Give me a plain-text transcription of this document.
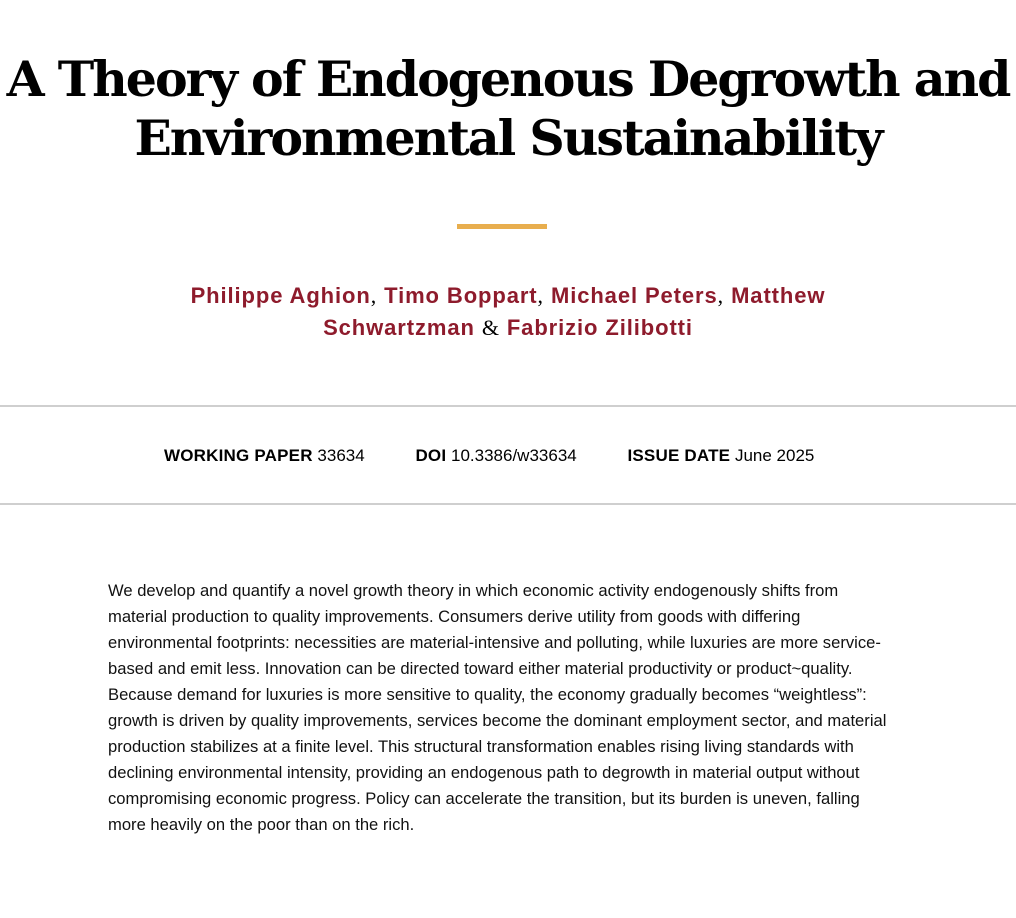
A Theory of Endogenous Degrowth and
Environmental Sustainability
Philippe Aghion, Timo Boppart, Michael Peters, Matthew
Schwartzman & Fabrizio Zilibotti
WORKING PAPER 33634	DOI 10.3386/w33634	ISSUE DATE June 2025

We develop and quantify a novel growth theory in which economic activity endogenously shifts from material production to quality improvements. Consumers derive utility from goods with differing environmental footprints: necessities are material-intensive and polluting, while luxuries are more service-based and emit less. Innovation can be directed toward either material productivity or product~quality. Because demand for luxuries is more sensitive to quality, the economy gradually becomes “weightless”: growth is driven by quality improvements, services become the dominant employment sector, and material production stabilizes at a finite level. This structural transformation enables rising living standards with declining environmental intensity, providing an endogenous path to degrowth in material output without compromising economic progress. Policy can accelerate the transition, but its burden is uneven, falling more heavily on the poor than on the rich.
